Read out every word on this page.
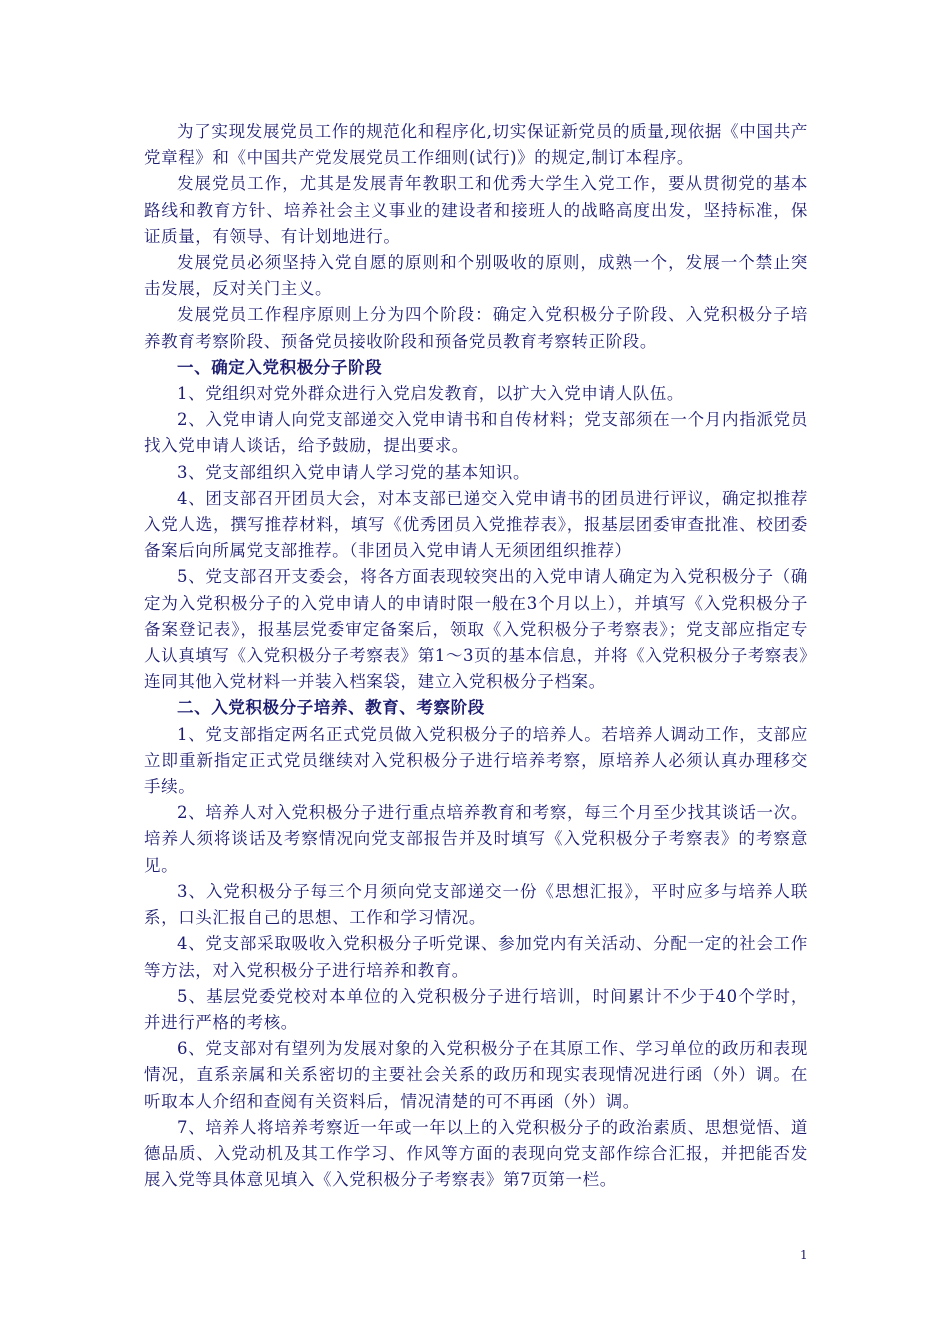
为了实现发展党员工作的规范化和程序化,切实保证新党员的质量,现依据《中国共产党章程》和《中国共产党发展党员工作细则(试行)》的规定,制订本程序。

发展党员工作，尤其是发展青年教职工和优秀大学生入党工作，要从贯彻党的基本路线和教育方针、培养社会主义事业的建设者和接班人的战略高度出发，坚持标准，保证质量，有领导、有计划地进行。

发展党员必须坚持入党自愿的原则和个别吸收的原则，成熟一个，发展一个禁止突击发展，反对关门主义。

发展党员工作程序原则上分为四个阶段：确定入党积极分子阶段、入党积极分子培养教育考察阶段、预备党员接收阶段和预备党员教育考察转正阶段。

一、确定入党积极分子阶段

1、党组织对党外群众进行入党启发教育，以扩大入党申请人队伍。

2、入党申请人向党支部递交入党申请书和自传材料；党支部须在一个月内指派党员找入党申请人谈话，给予鼓励，提出要求。

3、党支部组织入党申请人学习党的基本知识。

4、团支部召开团员大会，对本支部已递交入党申请书的团员进行评议，确定拟推荐入党人选，撰写推荐材料，填写《优秀团员入党推荐表》，报基层团委审查批准、校团委备案后向所属党支部推荐。（非团员入党申请人无须团组织推荐）

5、党支部召开支委会，将各方面表现较突出的入党申请人确定为入党积极分子（确定为入党积极分子的入党申请人的申请时限一般在3个月以上），并填写《入党积极分子备案登记表》，报基层党委审定备案后，领取《入党积极分子考察表》；党支部应指定专人认真填写《入党积极分子考察表》第1～3页的基本信息，并将《入党积极分子考察表》连同其他入党材料一并装入档案袋，建立入党积极分子档案。

二、入党积极分子培养、教育、考察阶段

1、党支部指定两名正式党员做入党积极分子的培养人。若培养人调动工作，支部应立即重新指定正式党员继续对入党积极分子进行培养考察，原培养人必须认真办理移交手续。

2、培养人对入党积极分子进行重点培养教育和考察，每三个月至少找其谈话一次。培养人须将谈话及考察情况向党支部报告并及时填写《入党积极分子考察表》的考察意见。

3、入党积极分子每三个月须向党支部递交一份《思想汇报》，平时应多与培养人联系，口头汇报自己的思想、工作和学习情况。

4、党支部采取吸收入党积极分子听党课、参加党内有关活动、分配一定的社会工作等方法，对入党积极分子进行培养和教育。

5、基层党委党校对本单位的入党积极分子进行培训，时间累计不少于40个学时，并进行严格的考核。

6、党支部对有望列为发展对象的入党积极分子在其原工作、学习单位的政历和表现情况，直系亲属和关系密切的主要社会关系的政历和现实表现情况进行函（外）调。在听取本人介绍和查阅有关资料后，情况清楚的可不再函（外）调。

7、培养人将培养考察近一年或一年以上的入党积极分子的政治素质、思想觉悟、道德品质、入党动机及其工作学习、作风等方面的表现向党支部作综合汇报，并把能否发展入党等具体意见填入《入党积极分子考察表》第7页第一栏。

1
